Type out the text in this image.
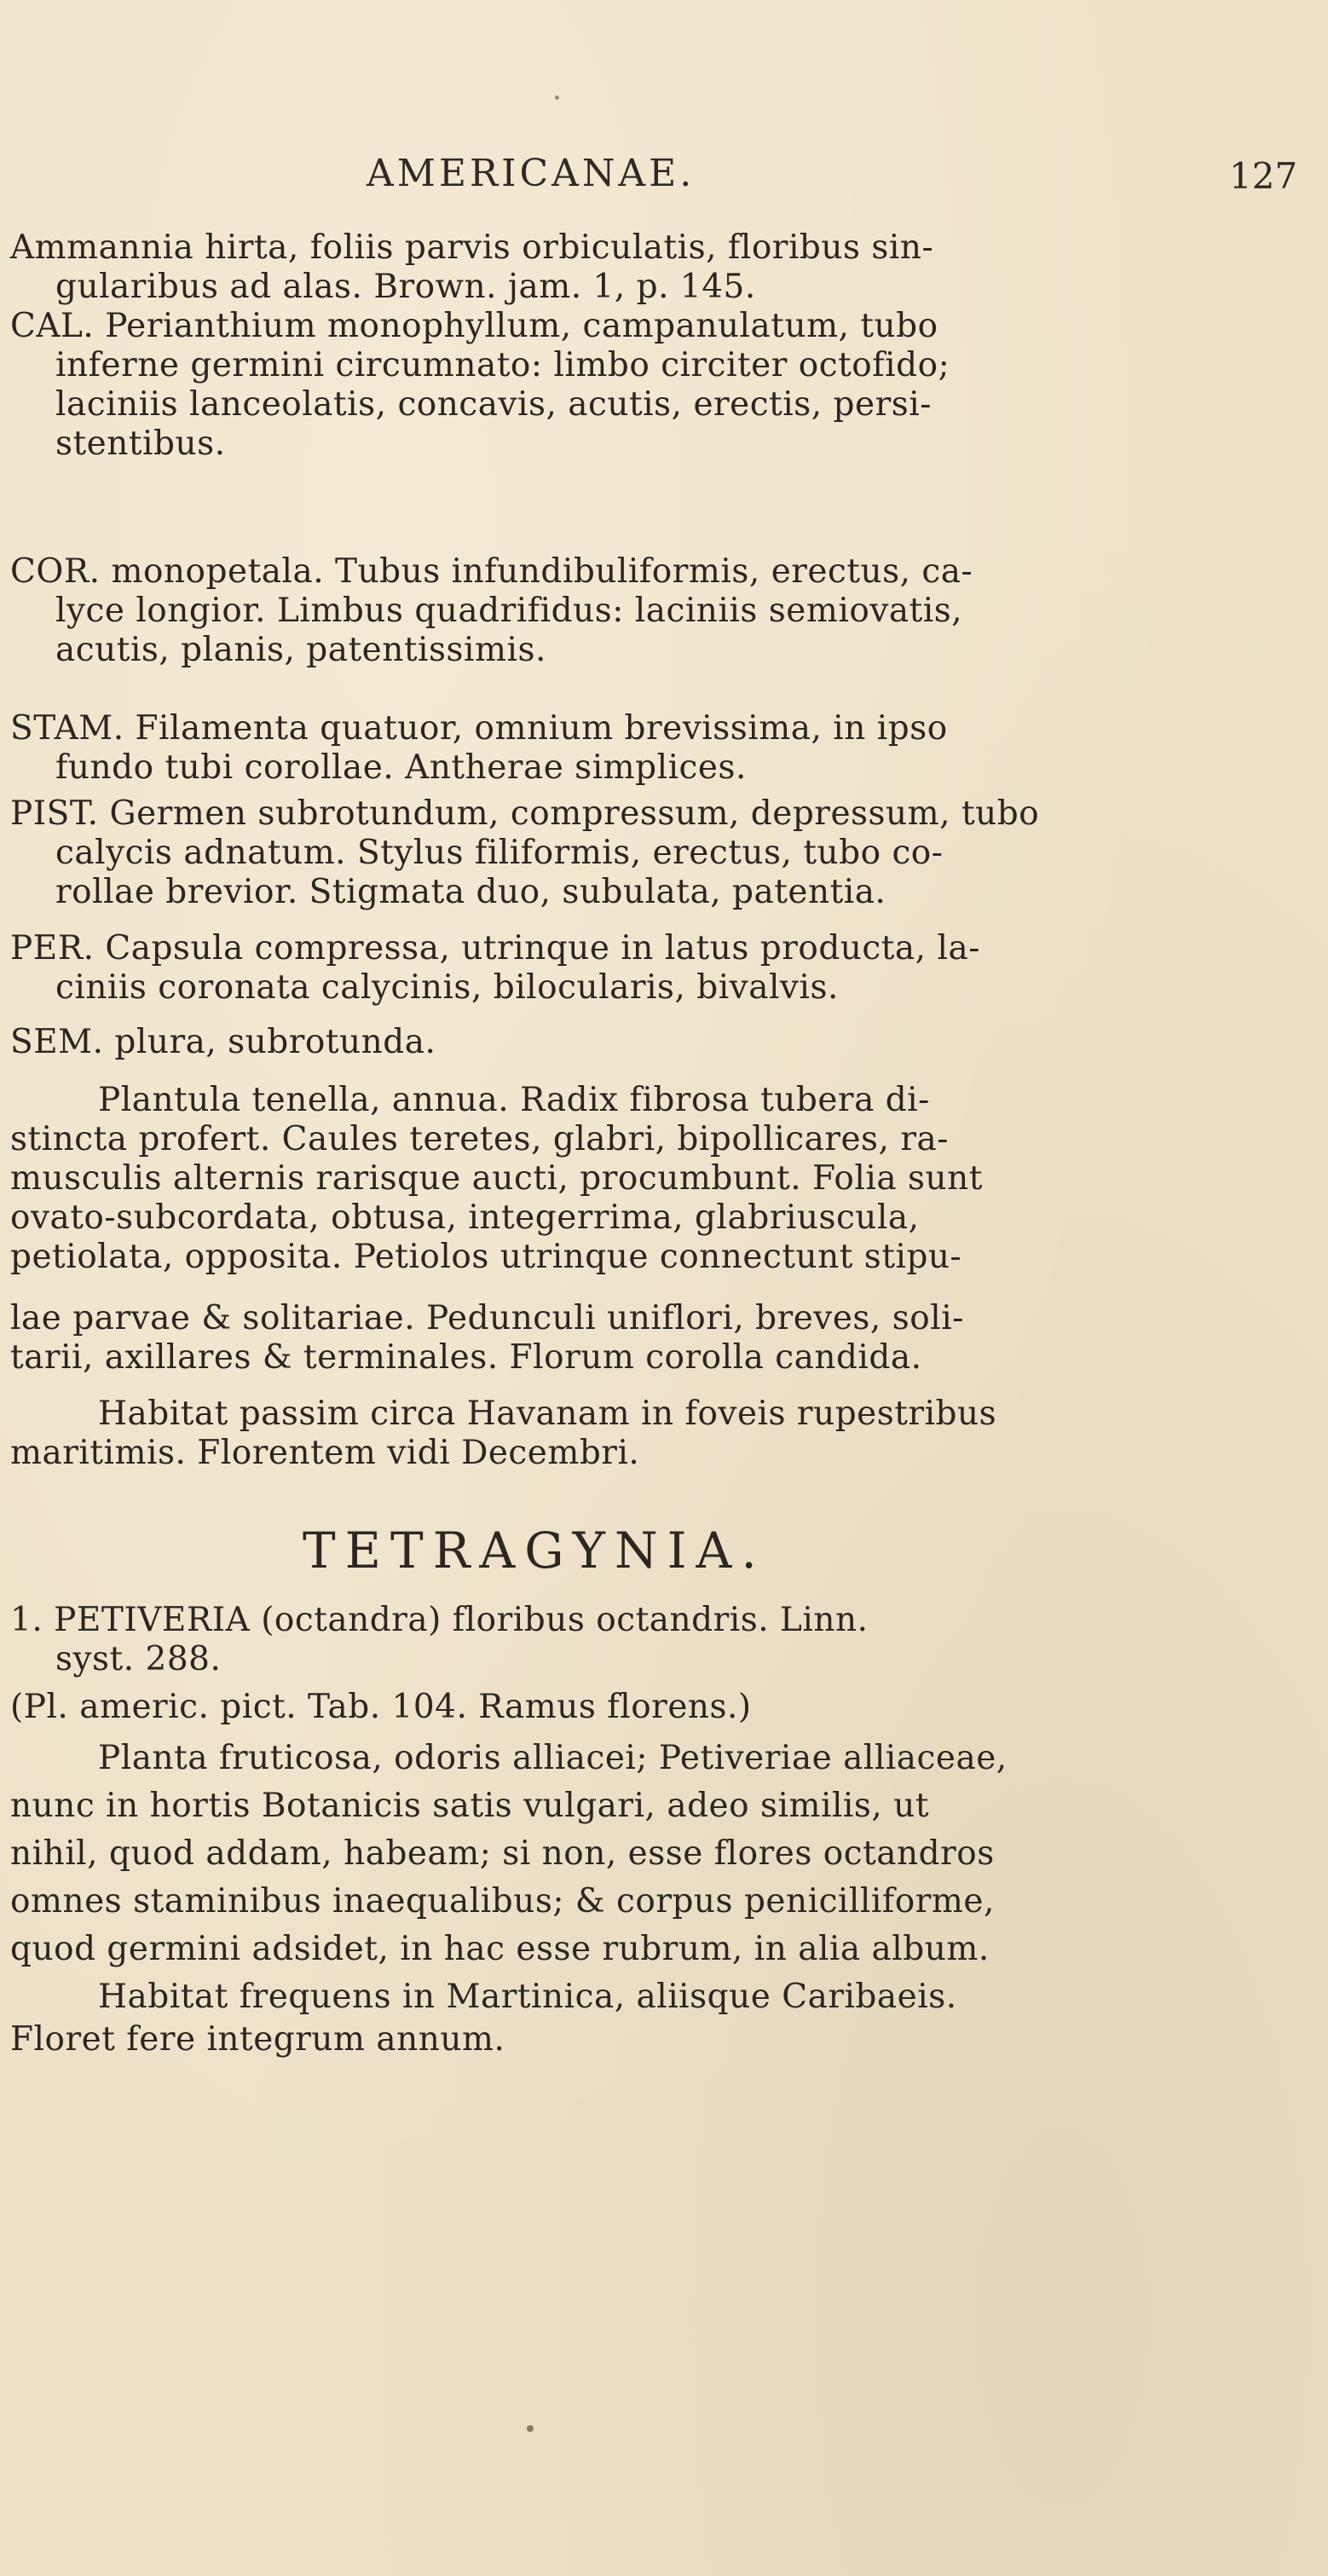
AMERICANAE.	127
Ammannia hirta, foliis parvis orbiculatis, floribus sin-
gularibus ad alas. Brown. jam. 1, p. 145.
CAL. Perianthium monophyllum, campanulatum, tubo
inferne germini circumnato: limbo circiter octofido;
laciniis lanceolatis, concavis, acutis, erectis, persi-
stentibus.
COR. monopetala. Tubus infundibuliformis, erectus, ca-
lyce longior. Limbus quadrifidus: laciniis semiovatis,
acutis, planis, patentissimis.
STAM. Filamenta quatuor, omnium brevissima, in ipso
fundo tubi corollae. Antherae simplices.
PIST. Germen subrotundum, compressum, depressum, tubo
calycis adnatum. Stylus filiformis, erectus, tubo co-
rollae brevior. Stigmata duo, subulata, patentia.
PER. Capsula compressa, utrinque in latus producta, la-
ciniis coronata calycinis, bilocularis, bivalvis.
SEM. plura, subrotunda.
Plantula tenella, annua. Radix fibrosa tubera di-
stincta profert. Caules teretes, glabri, bipollicares, ra-
musculis alternis rarisque aucti, procumbunt. Folia sunt
ovato-subcordata, obtusa, integerrima, glabriuscula,
petiolata, opposita. Petiolos utrinque connectunt stipu-
lae parvae & solitariae. Pedunculi uniflori, breves, soli-
tarii, axillares & terminales. Florum corolla candida.
Habitat passim circa Havanam in foveis rupestribus
maritimis. Florentem vidi Decembri.
1. PETIVERIA (octandra) floribus octandris. Linn.
syst. 288.
(Pl. americ. pict. Tab. 104. Ramus florens.)
Planta fruticosa, odoris alliacei; Petiveriae alliaceae,
nunc in hortis Botanicis satis vulgari, adeo similis, ut
nihil, quod addam, habeam; si non, esse flores octandros
omnes staminibus inaequalibus; & corpus penicilliforme,
quod germini adsidet, in hac esse rubrum, in alia album.
Habitat frequens in Martinica, aliisque Caribaeis.
Floret fere integrum annum.
TETRAGYNIA.
